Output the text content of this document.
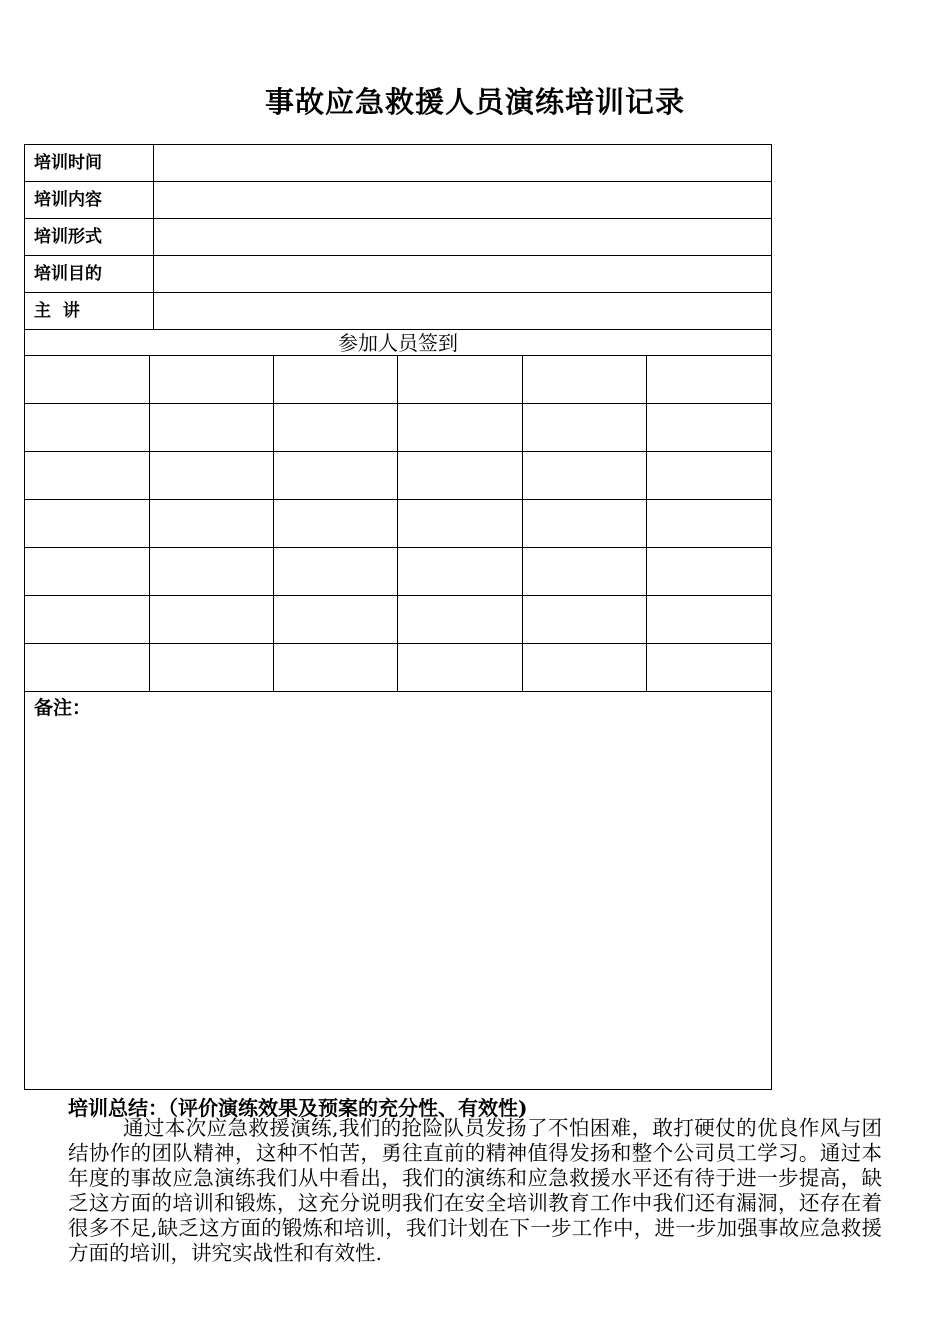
事故应急救援人员演练培训记录
培训时间
培训内容
培训形式
培训目的
主  讲
参加人员签到
备注：
培训总结：（评价演练效果及预案的充分性、有效性)
通过本次应急救援演练,我们的抢险队员发扬了不怕困难，敢打硬仗的优良作风与团结协作的团队精神，这种不怕苦，勇往直前的精神值得发扬和整个公司员工学习。通过本年度的事故应急演练我们从中看出，我们的演练和应急救援水平还有待于进一步提高，缺乏这方面的培训和锻炼，这充分说明我们在安全培训教育工作中我们还有漏洞，还存在着很多不足,缺乏这方面的锻炼和培训，我们计划在下一步工作中，进一步加强事故应急救援方面的培训，讲究实战性和有效性.
